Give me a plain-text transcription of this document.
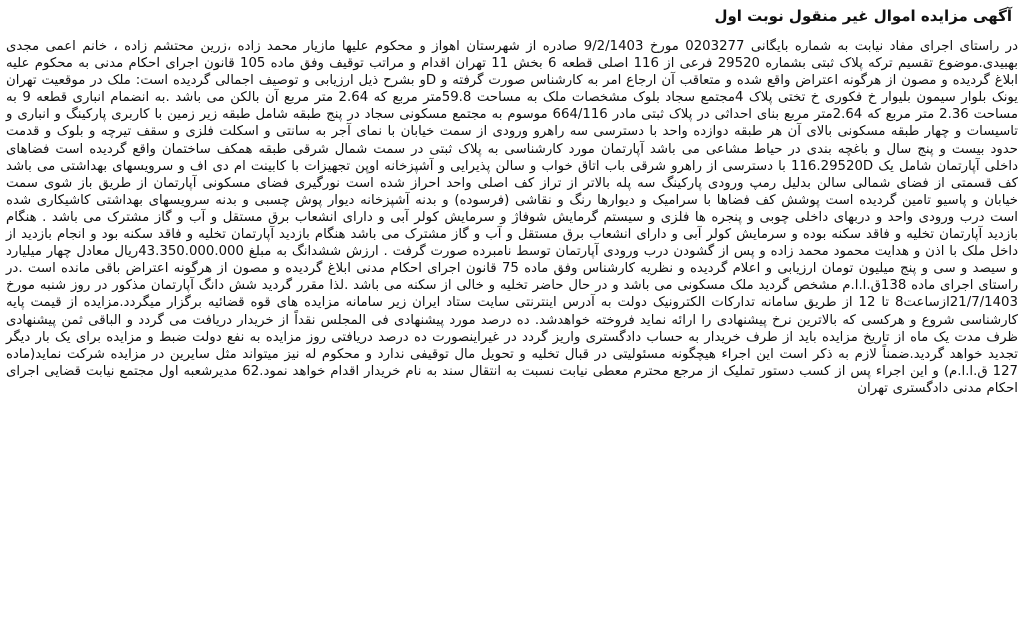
آگهی مزایده اموال غیر منقول نوبت اول
در راستای اجرای مفاد نیابت به شماره بایگانی 0203277 مورخ 9/2/1403 صادره از شهرستان اهواز و محکوم علیها مازیار محمد زاده ،زرین محتشم زاده ، خانم اعمی مجدی بهبیدی.موضوع تقسیم ترکه پلاک ثبتی بشماره 29520 فرعی از 116 اصلی قطعه 6 بخش 11 تهران اقدام و مراتب توقیف وفق ماده 105 قانون اجرای احکام مدنی به محکوم علیه ابلاغ گردیده و مصون از هرگونه اعتراض واقع شده و متعاقب آن ارجاع امر به کارشناس صورت گرفته و Dو بشرح ذیل ارزیابی و توصیف اجمالی گردیده است: ملک در موقعیت تهران یونک بلوار سیمون بلیوار خ فکوری خ تختی پلاک 4مجتمع سجاد بلوک مشخصات ملک به مساحت 59.8متر مربع که 2.64 متر مربع آن بالکن می باشد .به انضمام انباری قطعه 9 به مساحت 2.36 متر مربع که 2.64متر مربع بنای احداثی در پلاک ثبتی مادر 664/116 موسوم به مجتمع مسکونی سجاد در پنج طبقه شامل طبقه زیر زمین با کاربری پارکینگ و انباری و تاسیسات و چهار طبقه مسکونی بالای آن هر طبقه دوازده واحد با دسترسی سه راهرو ورودی از سمت خیابان با نمای آجر به سانتی و اسکلت فلزی و سقف تیرچه و بلوک و قدمت حدود بیست و پنج سال و باغچه بندی در حیاط مشاعی می باشد آپارتمان مورد کارشناسی به پلاک ثبتی در سمت شمال شرقی طبقه همکف ساختمان واقع گردیده است فضاهای داخلی آپارتمان شامل یک 116.29520D با دسترسی از راهرو شرقی باب اتاق خواب و سالن پذیرایی و آشپزخانه اوپن تجهیزات با کابینت ام دی اف و سرویسهای بهداشتی می باشد کف قسمتی از فضای شمالی سالن بدلیل رمپ ورودی پارکینگ سه پله بالاتر از تراز کف اصلی واحد احراز شده است نورگیری فضای مسکونی آپارتمان از طریق باز شوی سمت خیابان و پاسیو تامین گردیده است پوشش کف فضاها با سرامیک و دیوارها رنگ و نقاشی (فرسوده) و بدنه آشپزخانه دیوار پوش چسبی و بدنه سرویسهای بهداشتی کاشیکاری شده است درب ورودی واحد و دربهای داخلی چوبی و پنجره ها فلزی و سیستم گرمایش شوفاژ و سرمایش کولر آبی و دارای انشعاب برق مستقل و آب و گاز مشترک می باشد . هنگام بازدید آپارتمان تخلیه و فاقد سکنه بوده و سرمایش کولر آبی و دارای انشعاب برق مستقل و آب و گاز مشترک می باشد هنگام بازدید آپارتمان تخلیه و فاقد سکنه بود و انجام بازدید از داخل ملک با اذن و هدایت محمود محمد زاده و پس از گشودن درب ورودی آپارتمان توسط نامبرده صورت گرفت . ارزش ششدانگ به مبلغ 43.350.000.000ریال معادل چهار میلیارد و سیصد و سی و پنج میلیون تومان ارزیابی و اعلام گردیده و نظریه کارشناس وفق ماده 75 قانون اجرای احکام مدنی ابلاغ گردیده و مصون از هرگونه اعتراض باقی مانده است .در راستای اجرای ماده 138ق.ا.ا.م مشخص گردید ملک مسکونی می باشد و در حال حاضر تخلیه و خالی از سکنه می باشد .لذا مقرر گردید شش دانگ آپارتمان مذکور در روز شنبه مورخ 21/7/1403ازساعت8 تا 12 از طریق سامانه تدارکات الکترونیک دولت به آدرس اینترنتی سایت ستاد ایران زیر سامانه مزایده های قوه قضائیه برگزار میگردد.مزایده از قیمت پایه کارشناسی شروع و هرکسی که بالاترین نرخ پیشنهادی را ارائه نماید فروخته خواهدشد. ده درصد مورد پیشنهادی فی المجلس نقداً از خریدار دریافت می گردد و الباقی ثمن پیشنهادی ظرف مدت یک ماه از تاریخ مزایده باید از طرف خریدار به حساب دادگستری واریز گردد در غیراینصورت ده درصد دریافتی روز مزایده به نفع دولت ضبط و مزایده برای یک بار دیگر تجدید خواهد گردید.ضمناً لازم به ذکر است این اجراء هیچگونه مسئولیتی در قبال تخلیه و تحویل مال توقیفی ندارد و محکوم له نیز میتواند مثل سایرین در مزایده شرکت نماید(ماده 127 ق.ا.ا.م) و این اجراء پس از کسب دستور تملیک از مرجع محترم معطی نیابت نسبت به انتقال سند به نام خریدار اقدام خواهد نمود.62 مدیرشعبه اول مجتمع نیابت قضایی اجرای احکام مدنی دادگستری تهران
